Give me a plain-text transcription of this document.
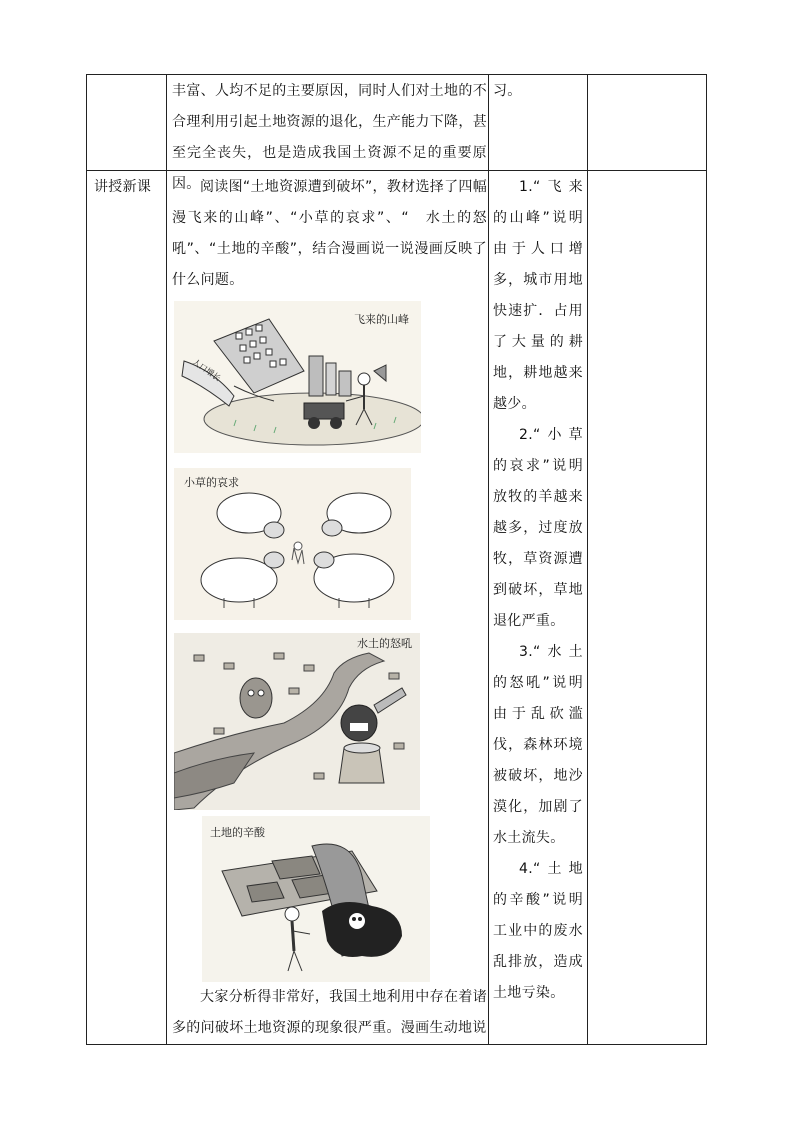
丰富、人均不足的主要原因，同时人们对土地的不合理利用引起土地资源的退化，生产能力下降，甚至完全丧失，也是造成我国土资源不足的重要原因。

习。

讲授新课	阅读图“土地资源遭到破坏”，教材选择了四幅漫飞来的山峰”、“小草的哀求”、“　水土的怒吼”、“土地的辛酸”，结合漫画说一说漫画反映了什么问题。

人口增长
飞来的山峰
小草的哀求
水土的怒吼
土地的辛酸

大家分析得非常好，我国土地利用中存在着诸多的问破坏土地资源的现象很严重。漫画生动地说

1.“飞来的山峰”说明由于人口增多，城市用地快速扩．占用了大量的耕地，耕地越来越少。

2.“小草的哀求”说明放牧的羊越来越多，过度放牧，草资源遭到破坏，草地退化严重。

3.“水土的怒吼”说明由于乱砍滥伐，森林环境被破坏，地沙漠化，加剧了水土流失。

4.“土地的辛酸”说明工业中的废水乱排放，造成土地亏染。
